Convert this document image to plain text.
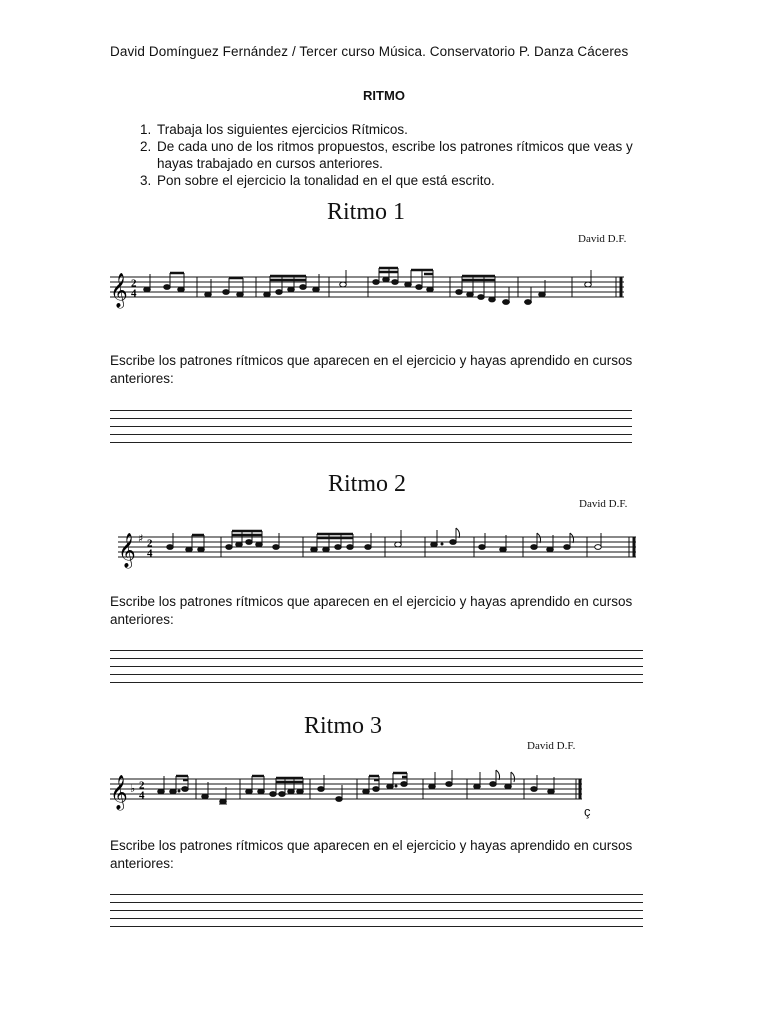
David Domínguez Fernández / Tercer curso Música. Conservatorio P. Danza Cáceres
RITMO
1. Trabaja los siguientes ejercicios Rítmicos.
2. De cada uno de los ritmos propuestos, escribe los patrones rítmicos que veas y hayas trabajado en cursos anteriores.
3. Pon sobre el ejercicio la tonalidad en el que está escrito.
Ritmo 1
David D.F.
𝄞 2
4
Escribe los patrones rítmicos que aparecen en el ejercicio y hayas aprendido en cursos anteriores:
Ritmo 2
David D.F.
𝄞 ♯ 2
4
Escribe los patrones rítmicos que aparecen en el ejercicio y hayas aprendido en cursos anteriores:
Ritmo 3
David D.F.
𝄞 ♭ 2
4
ç
Escribe los patrones rítmicos que aparecen en el ejercicio y hayas aprendido en cursos anteriores:
